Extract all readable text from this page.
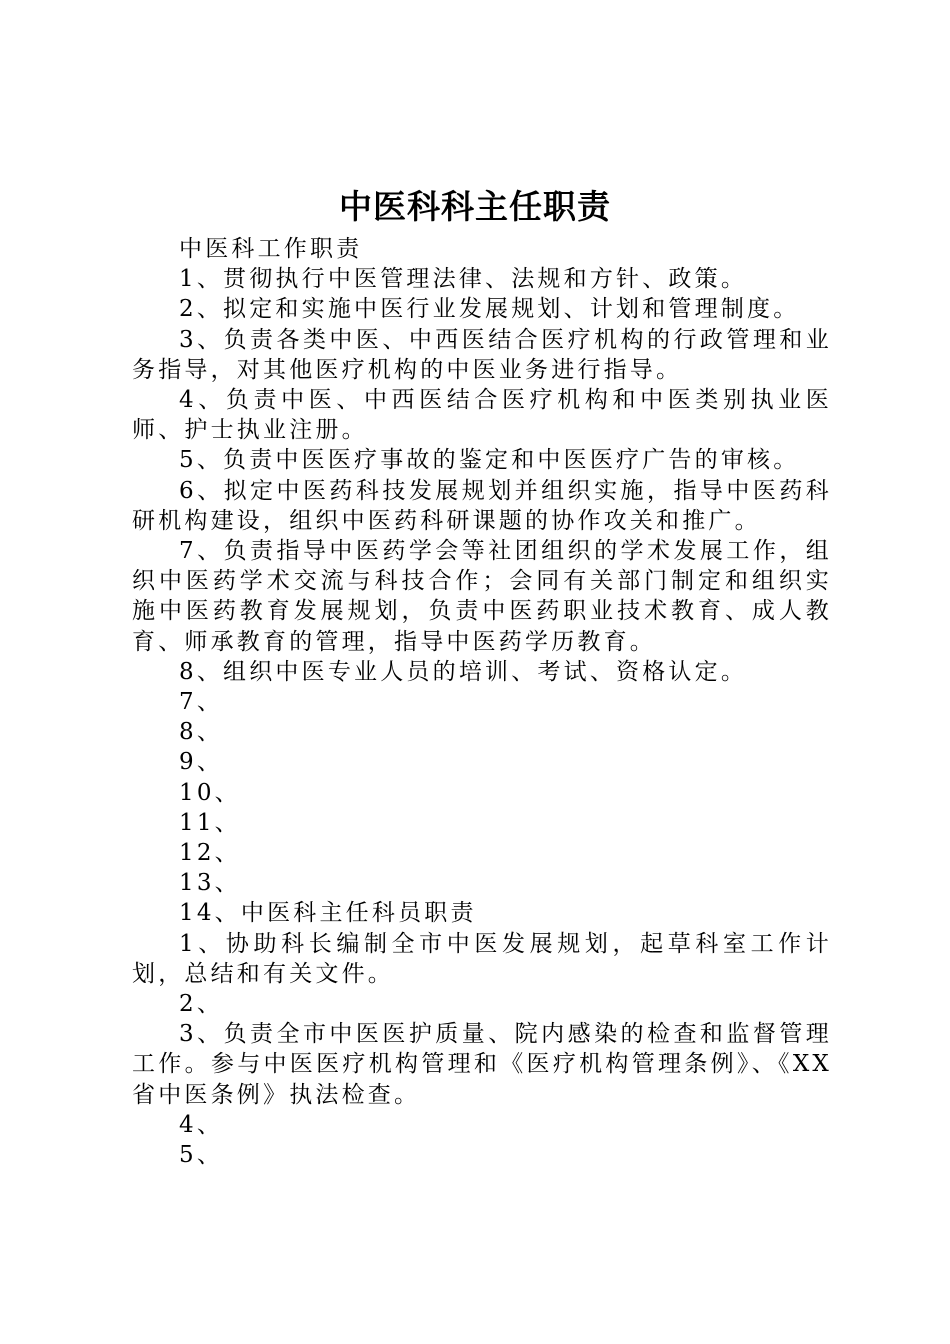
中医科科主任职责

中医科工作职责

1、贯彻执行中医管理法律、法规和方针、政策。

2、拟定和实施中医行业发展规划、计划和管理制度。

3、负责各类中医、中西医结合医疗机构的行政管理和业务指导，对其他医疗机构的中医业务进行指导。

4、负责中医、中西医结合医疗机构和中医类别执业医师、护士执业注册。

5、负责中医医疗事故的鉴定和中医医疗广告的审核。

6、拟定中医药科技发展规划并组织实施，指导中医药科研机构建设，组织中医药科研课题的协作攻关和推广。

7、负责指导中医药学会等社团组织的学术发展工作，组织中医药学术交流与科技合作；会同有关部门制定和组织实施中医药教育发展规划，负责中医药职业技术教育、成人教育、师承教育的管理，指导中医药学历教育。

8、组织中医专业人员的培训、考试、资格认定。

7、

8、

9、

10、

11、

12、

13、

14、中医科主任科员职责

1、协助科长编制全市中医发展规划，起草科室工作计划，总结和有关文件。

2、

3、负责全市中医医护质量、院内感染的检查和监督管理工作。参与中医医疗机构管理和《医疗机构管理条例》、《XX省中医条例》执法检查。

4、

5、
